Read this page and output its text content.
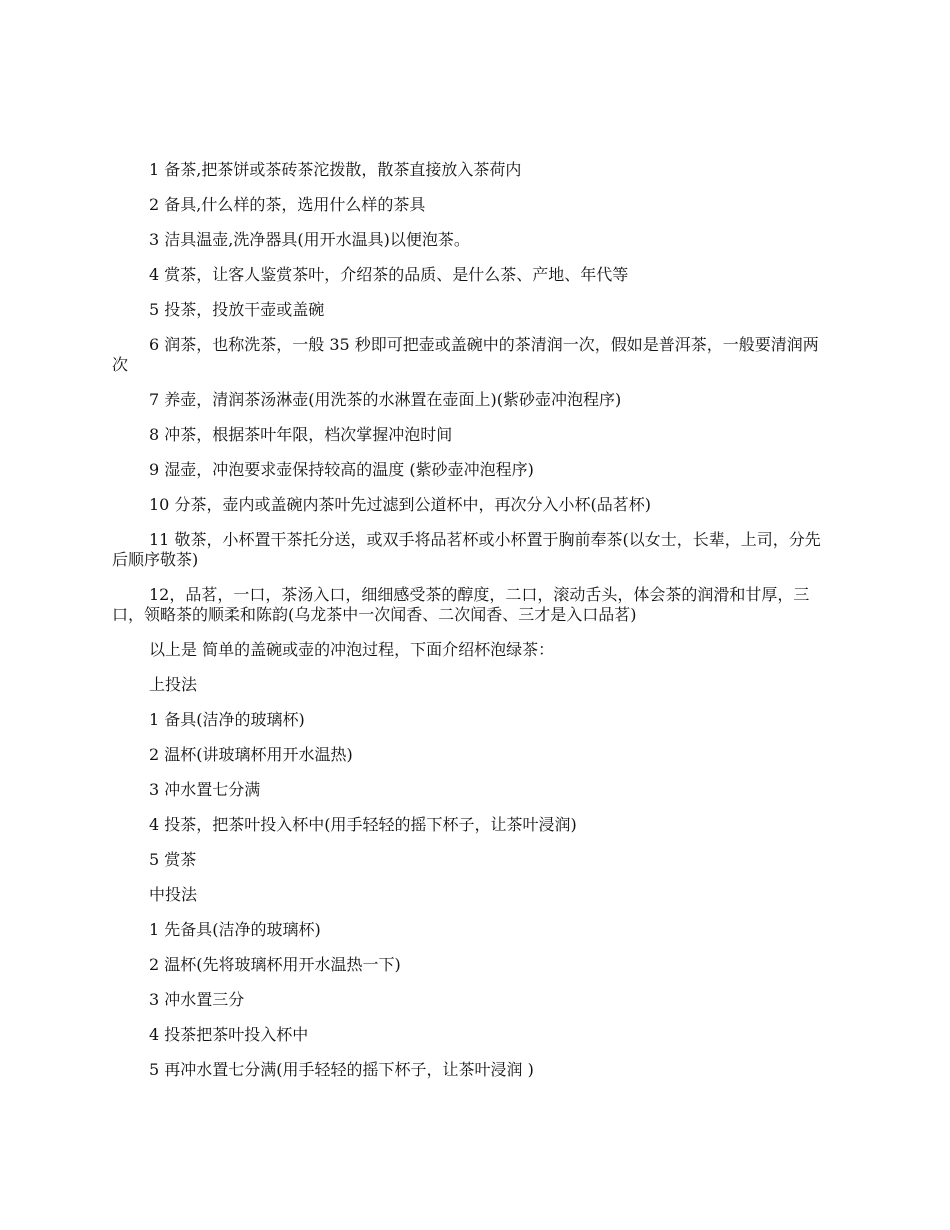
1 备茶,把茶饼或茶砖茶沱拨散，散茶直接放入茶荷内

2 备具,什么样的茶，选用什么样的茶具

3 洁具温壶,洗净器具(用开水温具)以便泡茶。

4 赏茶，让客人鉴赏茶叶，介绍茶的品质、是什么茶、产地、年代等

5 投茶，投放干壶或盖碗

6 润茶，也称洗茶，一般 35 秒即可把壶或盖碗中的茶清润一次，假如是普洱茶，一般要清润两次

7 养壶，清润茶汤淋壶(用洗茶的水淋置在壶面上)(紫砂壶冲泡程序)

8 冲茶，根据茶叶年限，档次掌握冲泡时间

9 湿壶，冲泡要求壶保持较高的温度 (紫砂壶冲泡程序)

10 分茶，壶内或盖碗内茶叶先过滤到公道杯中，再次分入小杯(品茗杯)

11 敬茶，小杯置干茶托分送，或双手将品茗杯或小杯置于胸前奉茶(以女士，长辈，上司，分先后顺序敬茶)

12，品茗，一口，茶汤入口，细细感受茶的醇度，二口，滚动舌头，体会茶的润滑和甘厚，三口，领略茶的顺柔和陈韵(乌龙茶中一次闻香、二次闻香、三才是入口品茗)

以上是 简单的盖碗或壶的冲泡过程，下面介绍杯泡绿茶：

上投法

1 备具(洁净的玻璃杯)

2 温杯(讲玻璃杯用开水温热)

3 冲水置七分满

4 投茶，把茶叶投入杯中(用手轻轻的摇下杯子，让茶叶浸润)

5 赏茶

中投法

1 先备具(洁净的玻璃杯)

2 温杯(先将玻璃杯用开水温热一下)

3 冲水置三分

4 投茶把茶叶投入杯中

5 再冲水置七分满(用手轻轻的摇下杯子，让茶叶浸润 )
